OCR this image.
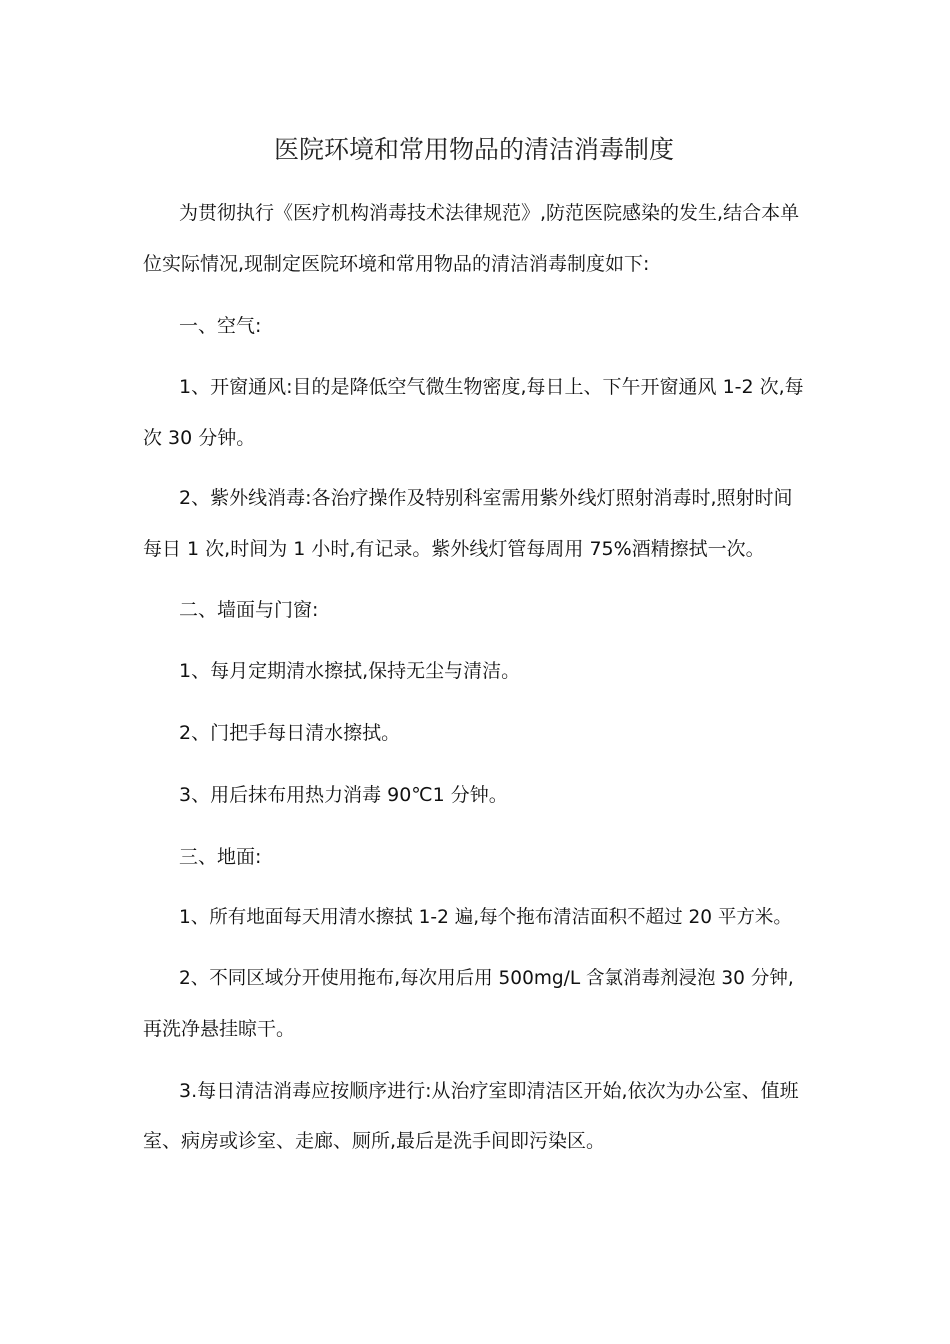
医院环境和常用物品的清洁消毒制度

为贯彻执行《医疗机构消毒技术法律规范》,防范医院感染的发生,结合本单

位实际情况,现制定医院环境和常用物品的清洁消毒制度如下:

一、空气:

1、开窗通风:目的是降低空气微生物密度,每日上、下午开窗通风 1-2 次,每

次 30 分钟。

2、紫外线消毒:各治疗操作及特别科室需用紫外线灯照射消毒时,照射时间

每日 1 次,时间为 1 小时,有记录。紫外线灯管每周用 75%酒精擦拭一次。

二、墙面与门窗:

1、每月定期清水擦拭,保持无尘与清洁。

2、门把手每日清水擦拭。

3、用后抹布用热力消毒 90℃1 分钟。

三、地面:

1、所有地面每天用清水擦拭 1-2 遍,每个拖布清洁面积不超过 20 平方米。

2、不同区域分开使用拖布,每次用后用 500mg/L 含氯消毒剂浸泡 30 分钟,

再洗净悬挂晾干。

3.每日清洁消毒应按顺序进行:从治疗室即清洁区开始,依次为办公室、值班

室、病房或诊室、走廊、厕所,最后是洗手间即污染区。
